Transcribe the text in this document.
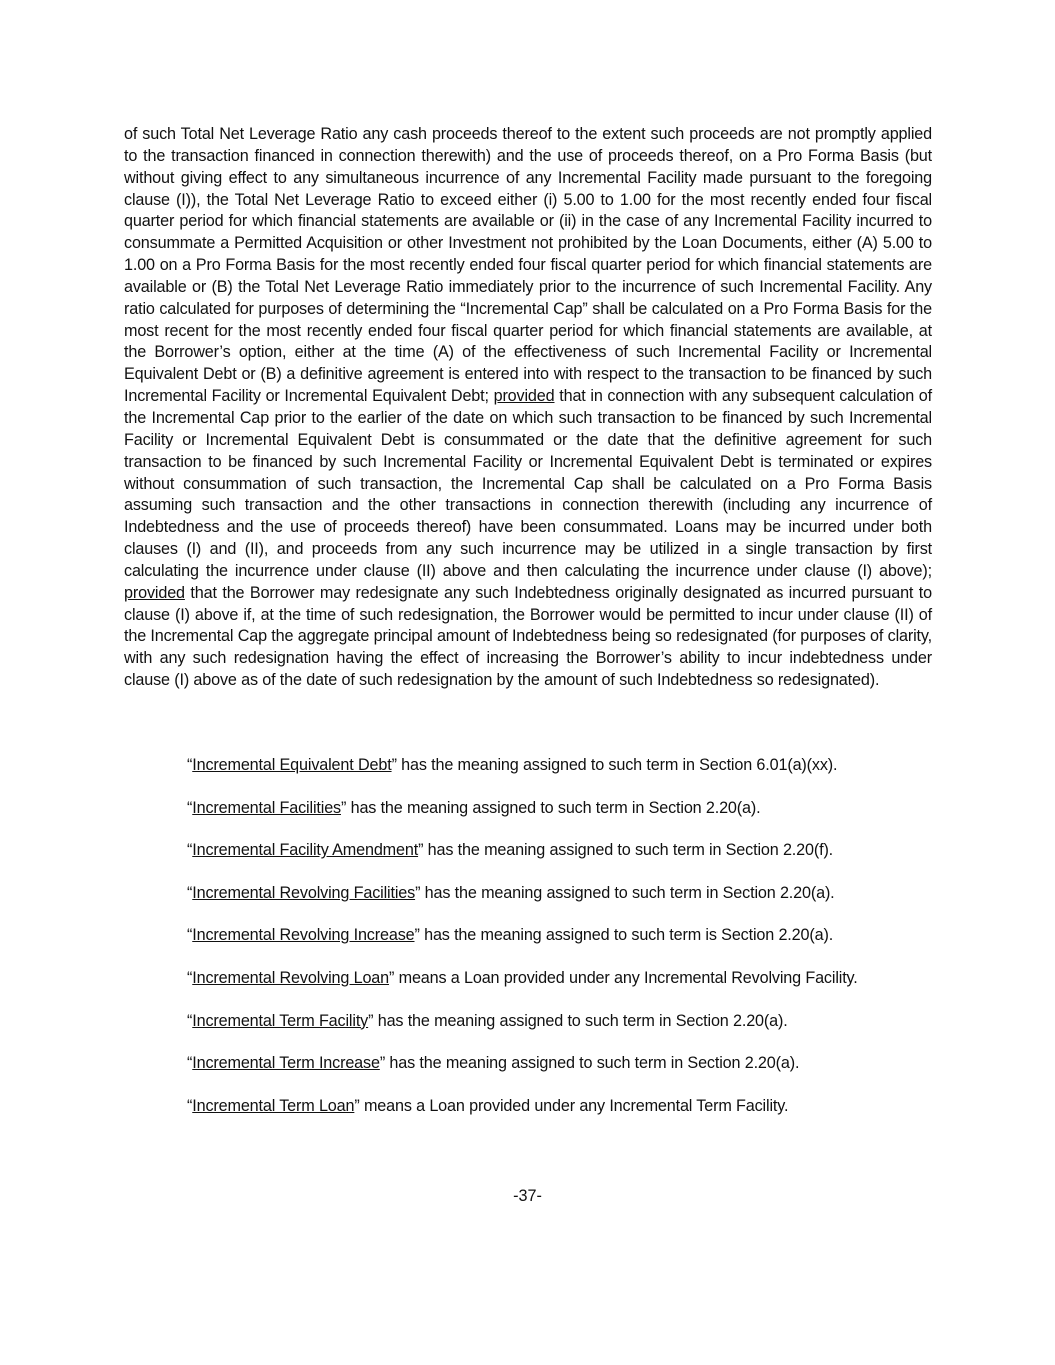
of such Total Net Leverage Ratio any cash proceeds thereof to the extent such proceeds are not promptly applied to the transaction financed in connection therewith) and the use of proceeds thereof, on a Pro Forma Basis (but without giving effect to any simultaneous incurrence of any Incremental Facility made pursuant to the foregoing clause (I)), the Total Net Leverage Ratio to exceed either (i) 5.00 to 1.00 for the most recently ended four fiscal quarter period for which financial statements are available or (ii) in the case of any Incremental Facility incurred to consummate a Permitted Acquisition or other Investment not prohibited by the Loan Documents, either (A) 5.00 to 1.00 on a Pro Forma Basis for the most recently ended four fiscal quarter period for which financial statements are available or (B) the Total Net Leverage Ratio immediately prior to the incurrence of such Incremental Facility. Any ratio calculated for purposes of determining the “Incremental Cap” shall be calculated on a Pro Forma Basis for the most recent for the most recently ended four fiscal quarter period for which financial statements are available, at the Borrower’s option, either at the time (A) of the effectiveness of such Incremental Facility or Incremental Equivalent Debt or (B) a definitive agreement is entered into with respect to the transaction to be financed by such Incremental Facility or Incremental Equivalent Debt; provided that in connection with any subsequent calculation of the Incremental Cap prior to the earlier of the date on which such transaction to be financed by such Incremental Facility or Incremental Equivalent Debt is consummated or the date that the definitive agreement for such transaction to be financed by such Incremental Facility or Incremental Equivalent Debt is terminated or expires without consummation of such transaction, the Incremental Cap shall be calculated on a Pro Forma Basis assuming such transaction and the other transactions in connection therewith (including any incurrence of Indebtedness and the use of proceeds thereof) have been consummated. Loans may be incurred under both clauses (I) and (II), and proceeds from any such incurrence may be utilized in a single transaction by first calculating the incurrence under clause (II) above and then calculating the incurrence under clause (I) above); provided that the Borrower may redesignate any such Indebtedness originally designated as incurred pursuant to clause (I) above if, at the time of such redesignation, the Borrower would be permitted to incur under clause (II) of the Incremental Cap the aggregate principal amount of Indebtedness being so redesignated (for purposes of clarity, with any such redesignation having the effect of increasing the Borrower’s ability to incur indebtedness under clause (I) above as of the date of such redesignation by the amount of such Indebtedness so redesignated).

“Incremental Equivalent Debt” has the meaning assigned to such term in Section 6.01(a)(xx).

“Incremental Facilities” has the meaning assigned to such term in Section 2.20(a).

“Incremental Facility Amendment” has the meaning assigned to such term in Section 2.20(f).

“Incremental Revolving Facilities” has the meaning assigned to such term in Section 2.20(a).

“Incremental Revolving Increase” has the meaning assigned to such term is Section 2.20(a).

“Incremental Revolving Loan” means a Loan provided under any Incremental Revolving Facility.

“Incremental Term Facility” has the meaning assigned to such term in Section 2.20(a).

“Incremental Term Increase” has the meaning assigned to such term in Section 2.20(a).

“Incremental Term Loan” means a Loan provided under any Incremental Term Facility.

-37-
